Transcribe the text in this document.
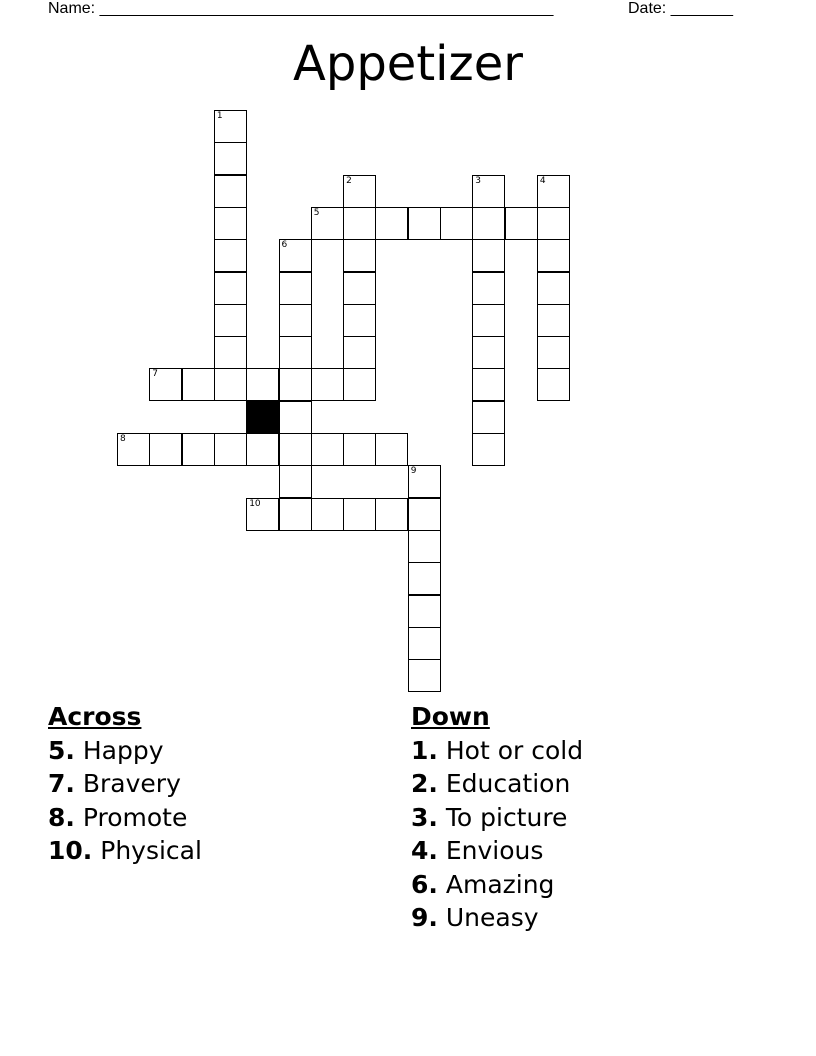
Name: ___________________________________________________	Date: _______
Appetizer
1
2	3	4
5
6
7
8
9
10
Across
5. Happy
7. Bravery
8. Promote
10. Physical
Down
1. Hot or cold
2. Education
3. To picture
4. Envious
6. Amazing
9. Uneasy
